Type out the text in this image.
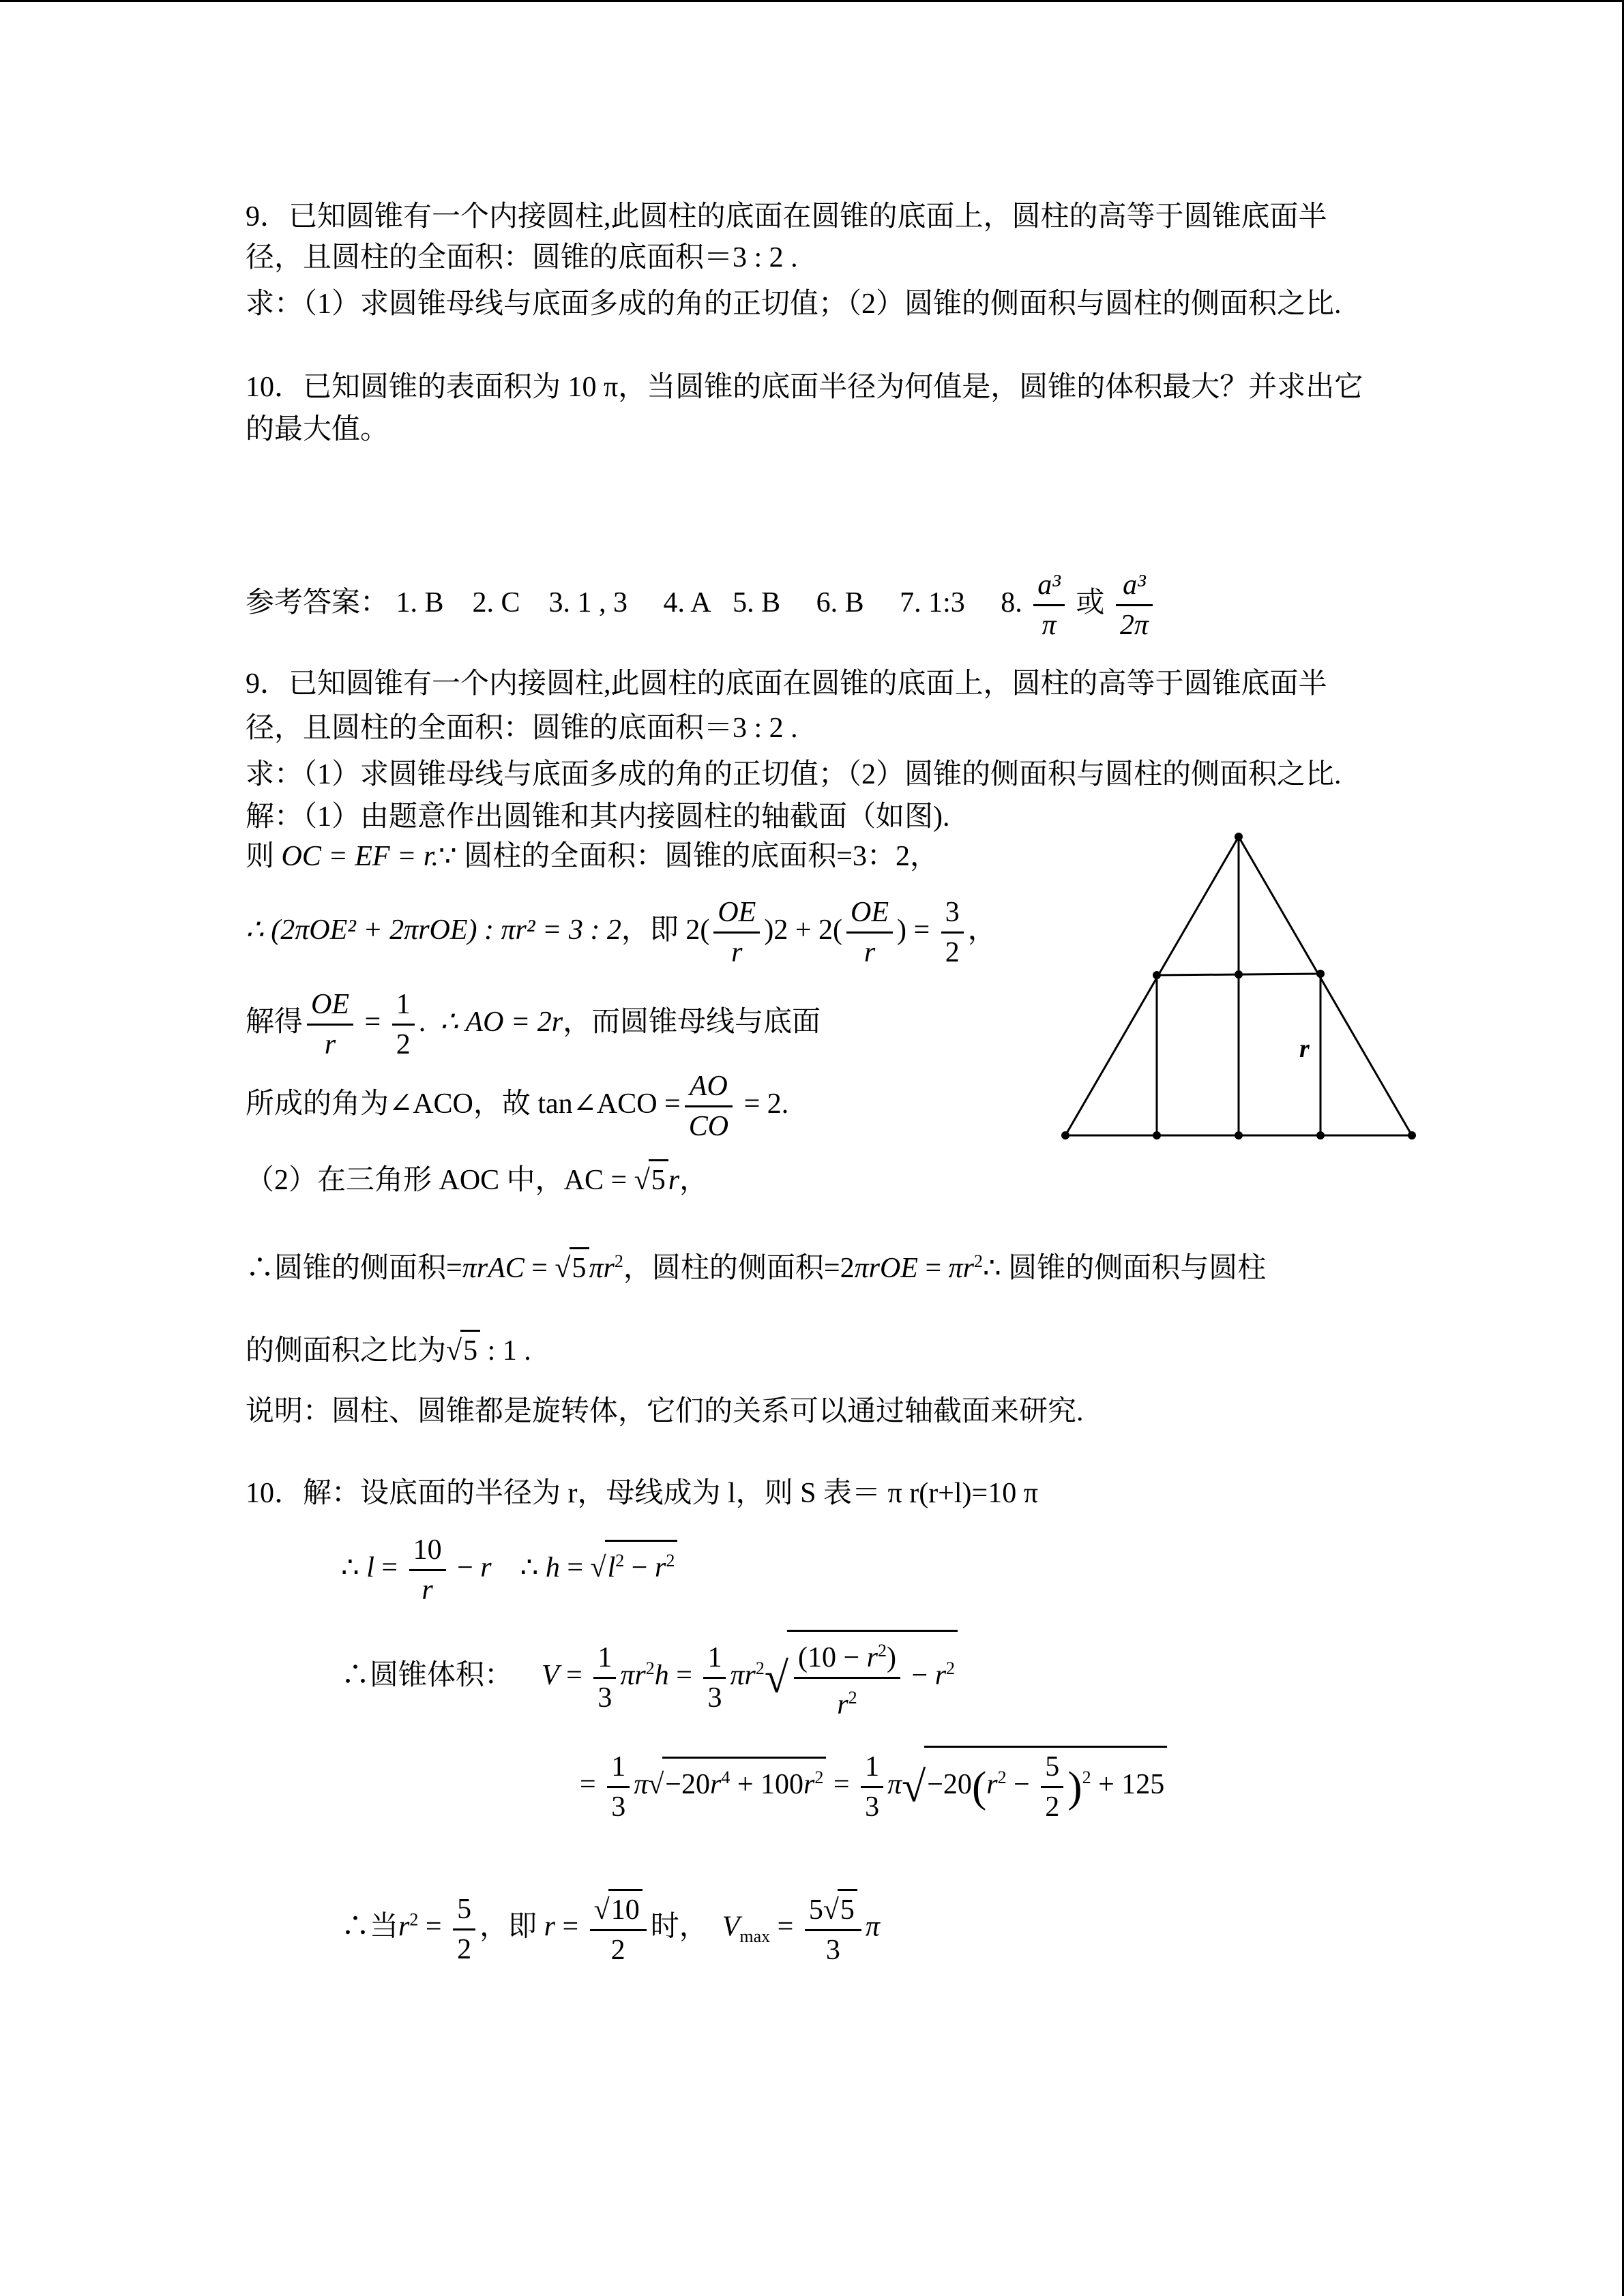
9．已知圆锥有一个内接圆柱,此圆柱的底面在圆锥的底面上，圆柱的高等于圆锥底面半
径，且圆柱的全面积：圆锥的底面积＝3 : 2 .
求：（1）求圆锥母线与底面多成的角的正切值；（2）圆锥的侧面积与圆柱的侧面积之比.
10．已知圆锥的表面积为 10 π，当圆锥的底面半径为何值是，圆锥的体积最大？并求出它
的最大值。
参考答案： 1. B 2. C 3. 1 , 3 4. A 5. B 6. B 7. 1:3 8. $\frac{\text{a³}}{\pi}$ 或 $\frac{\text{a³}}{2\pi}$
9．已知圆锥有一个内接圆柱,此圆柱的底面在圆锥的底面上，圆柱的高等于圆锥底面半
径，且圆柱的全面积：圆锥的底面积＝3 : 2 .
求：（1）求圆锥母线与底面多成的角的正切值；（2）圆锥的侧面积与圆柱的侧面积之比.
解：（1）由题意作出圆锥和其内接圆柱的轴截面（如图).
则 OC = EF = r.∵ 圆柱的全面积：圆锥的底面积=3：2，
∴ (2πOE² + 2πrOE) : πr² = 3 : 2，即 $2( \frac{OE}{r} )2 + 2( \frac{OE}{r}$ ) = $\frac{3}{2}$ ，
解得 $\frac{OE}{r} = \frac{1}{2}$ .  ∴ AO = 2r，而圆锥母线与底面
所成的角为∠ACO，故 tan∠ACO = $\frac{AO}{CO} = 2$.
（2）在三角形 AOC 中，AC = √5r，
∴圆锥的侧面积$=\pi rAC = √5\pi r^2$，圆柱的侧面积$=2\pi rOE = \pi r^2\therefore$ 圆锥的侧面积与圆柱
的侧面积之比为√5 : 1 .
说明：圆柱、圆锥都是旋转体，它们的关系可以通过轴截面来研究.
r
10．解：设底面的半径为 r，母线成为 l，则 S 表＝ π r(r+l)=10 π
∴ $l = \frac{10}{r} - r$    ∴ $h = √l^2 - r^2$
∴圆锥体积： $V = \frac{1}{3} \pi r^2h = \frac{1}{3} \pi r^2√ \frac{(10 - r^2)}{r^2} - r^2$
= $\frac{1}{3} \pi√-20r^4 + 100r^2 = \frac{1}{3} \pi√-20(r^2 - \frac{5}{2} )^2 + 125$
∴当$r^2 = \frac{5}{2}$ ，即 $r = \frac{√10}{2}$ 时， $V_{max} = \frac{5√5}{3}$ π
